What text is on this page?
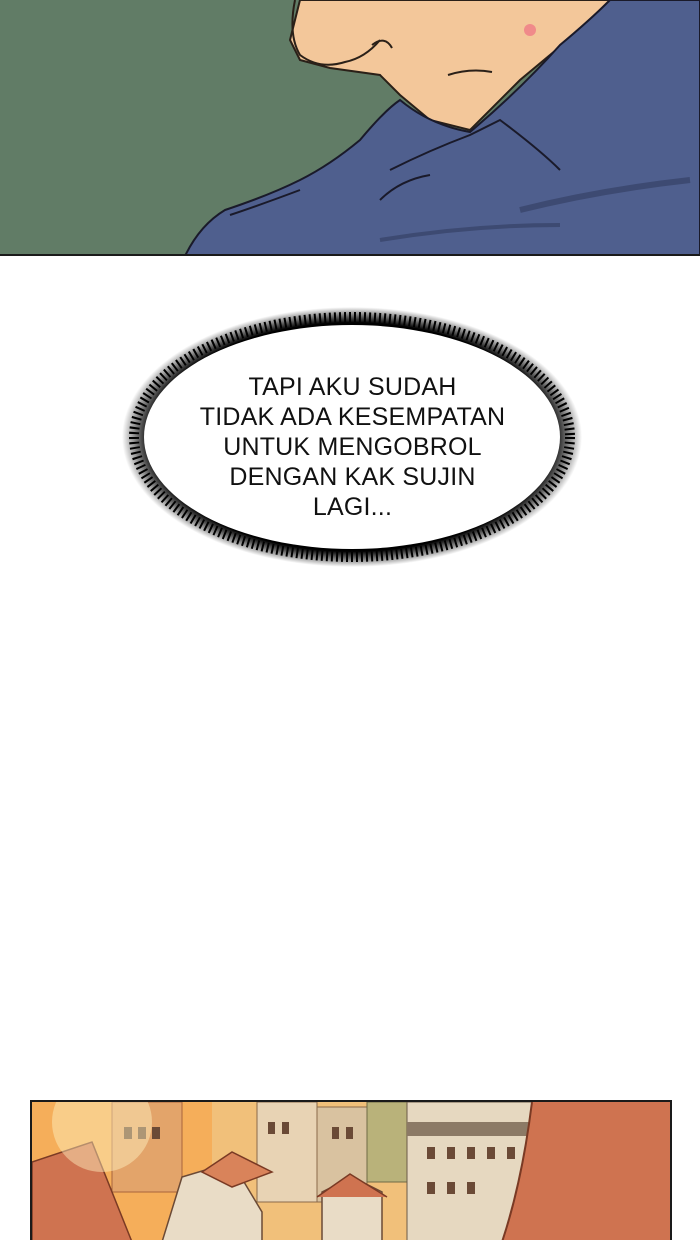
TAPI AKU SUDAH
TIDAK ADA KESEMPATAN
UNTUK MENGOBROL
DENGAN KAK SUJIN
LAGI...
